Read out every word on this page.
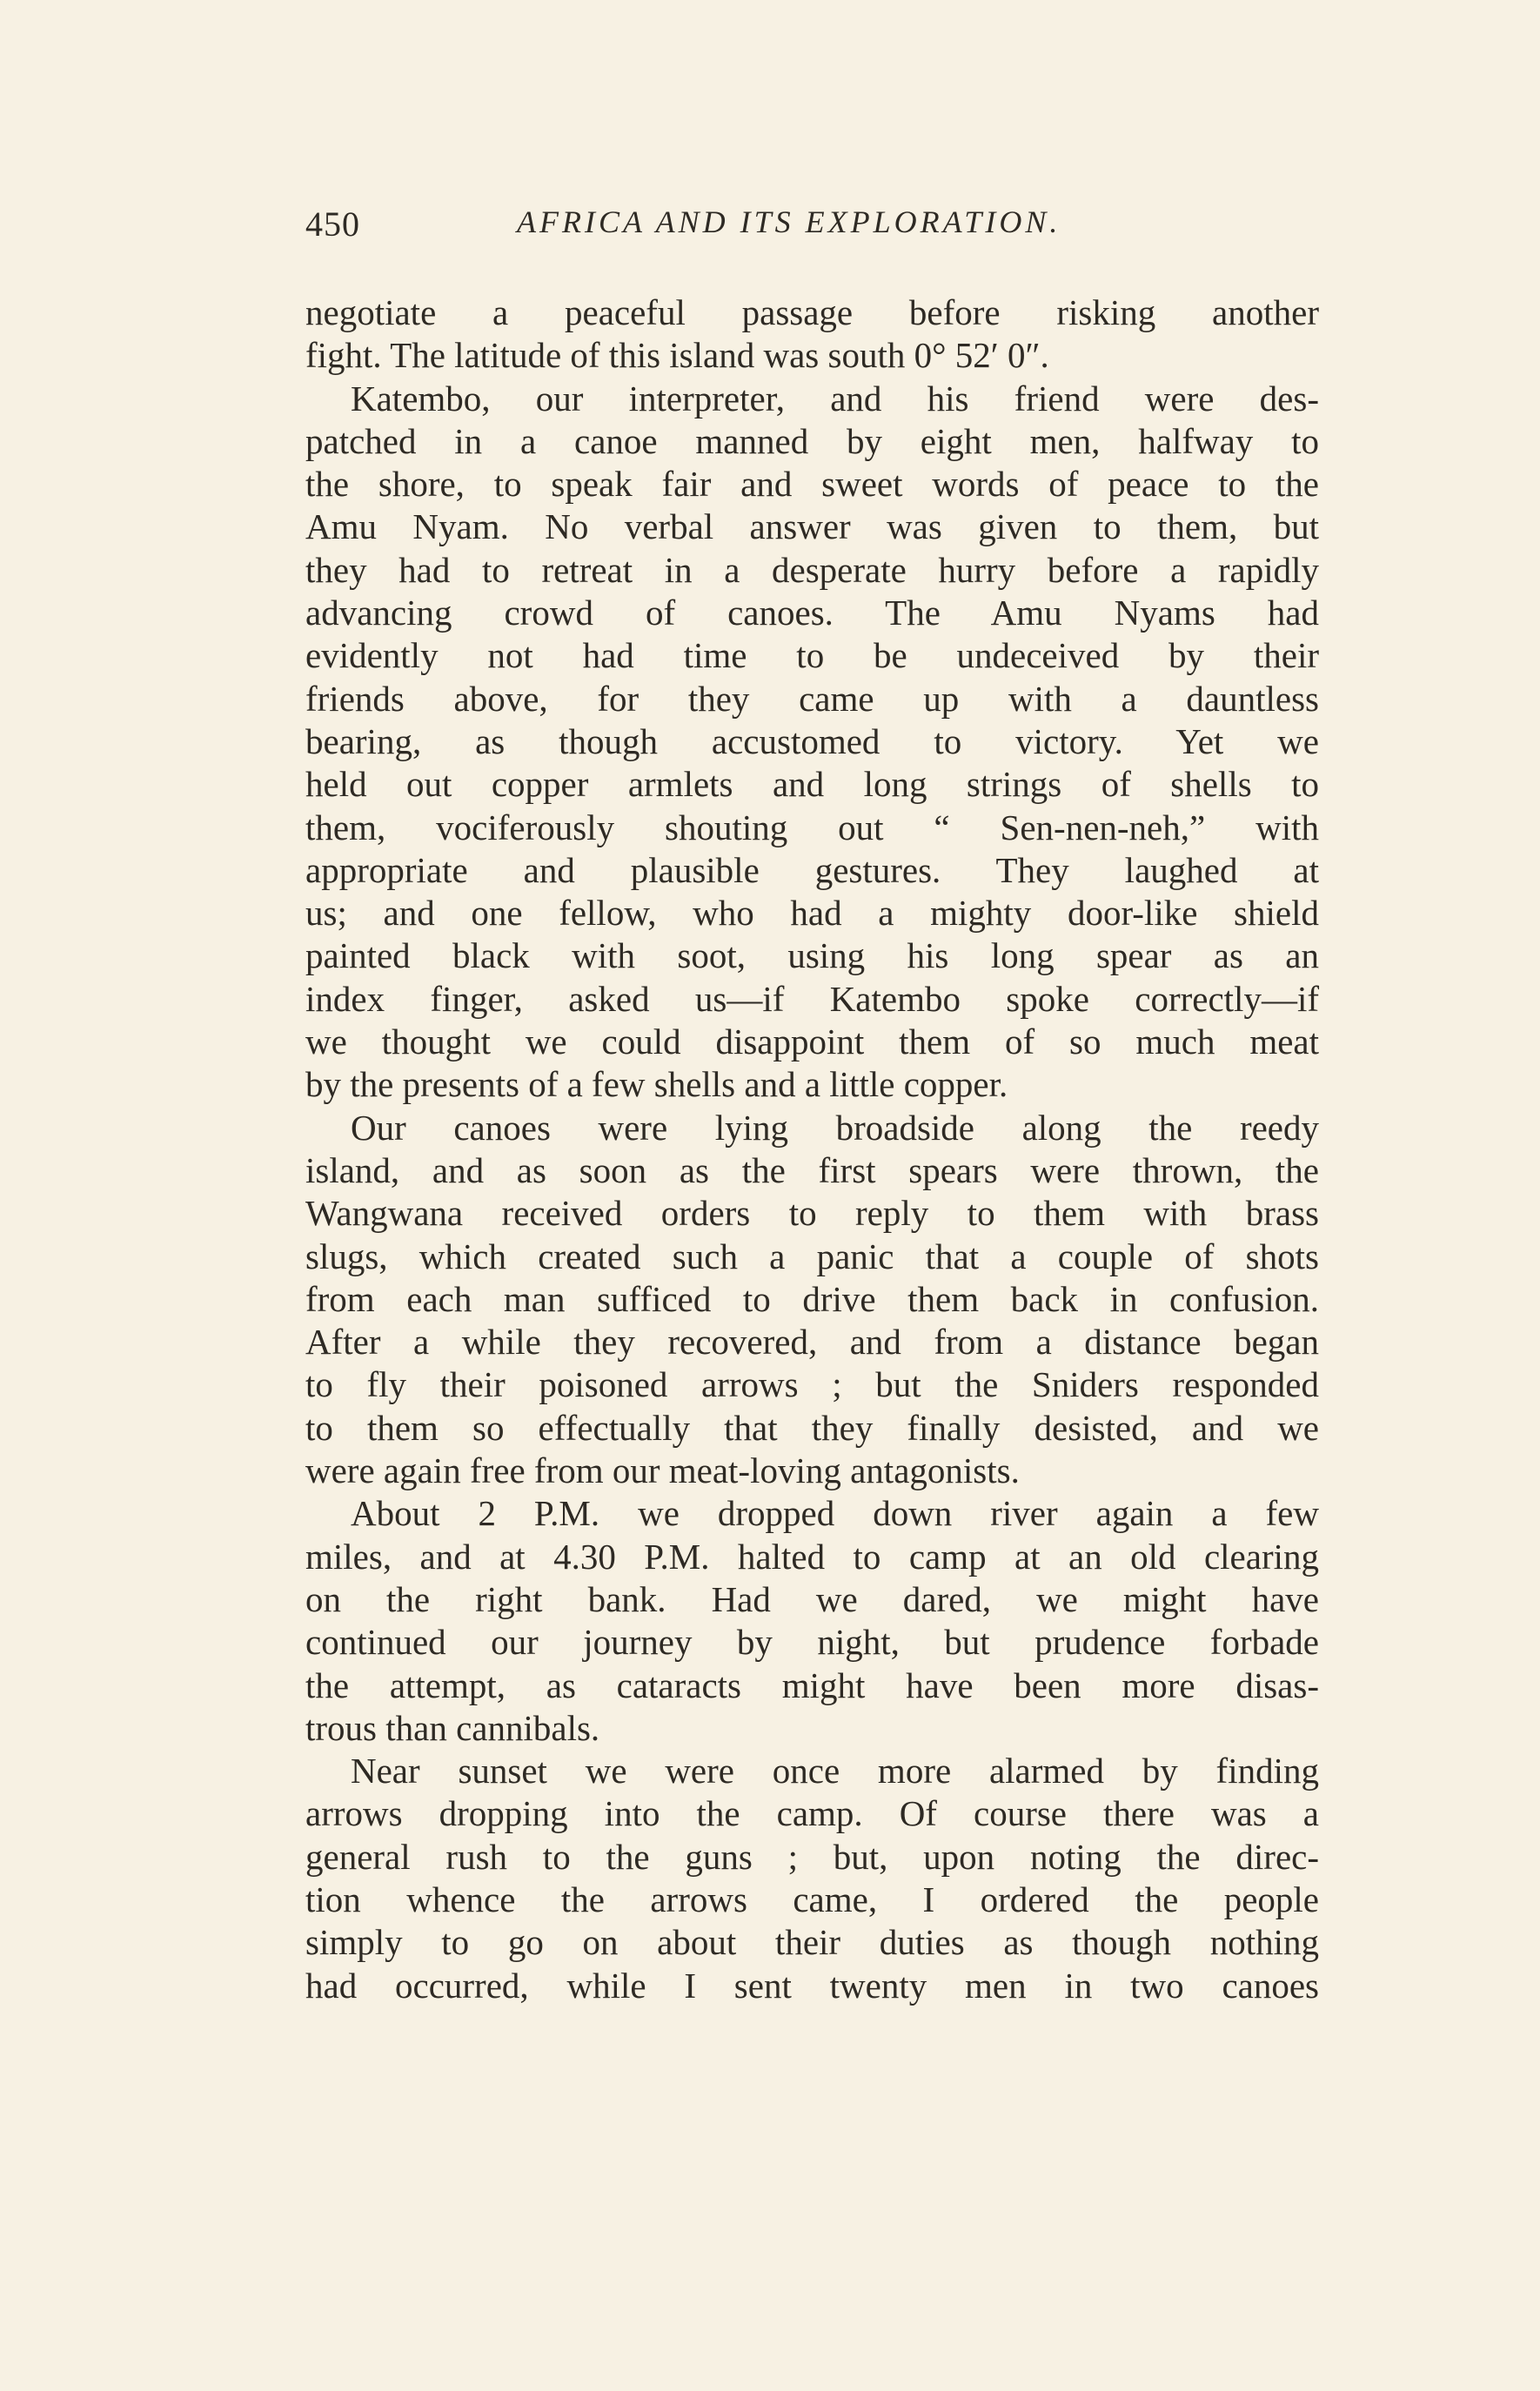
450	AFRICA AND ITS EXPLORATION.
negotiate a peaceful passage before risking another
fight. The latitude of this island was south 0° 52′ 0″.
Katembo, our interpreter, and his friend were des-
patched in a canoe manned by eight men, halfway to
the shore, to speak fair and sweet words of peace to the
Amu Nyam. No verbal answer was given to them, but
they had to retreat in a desperate hurry before a rapidly
advancing crowd of canoes. The Amu Nyams had
evidently not had time to be undeceived by their
friends above, for they came up with a dauntless
bearing, as though accustomed to victory. Yet we
held out copper armlets and long strings of shells to
them, vociferously shouting out “ Sen-nen-neh,” with
appropriate and plausible gestures. They laughed at
us; and one fellow, who had a mighty door-like shield
painted black with soot, using his long spear as an
index finger, asked us—if Katembo spoke correctly—if
we thought we could disappoint them of so much meat
by the presents of a few shells and a little copper.
Our canoes were lying broadside along the reedy
island, and as soon as the first spears were thrown, the
Wangwana received orders to reply to them with brass
slugs, which created such a panic that a couple of shots
from each man sufficed to drive them back in confusion.
After a while they recovered, and from a distance began
to fly their poisoned arrows ; but the Sniders responded
to them so effectually that they finally desisted, and we
were again free from our meat-loving antagonists.
About 2 P.M. we dropped down river again a few
miles, and at 4.30 P.M. halted to camp at an old clearing
on the right bank. Had we dared, we might have
continued our journey by night, but prudence forbade
the attempt, as cataracts might have been more disas-
trous than cannibals.
Near sunset we were once more alarmed by finding
arrows dropping into the camp. Of course there was a
general rush to the guns ; but, upon noting the direc-
tion whence the arrows came, I ordered the people
simply to go on about their duties as though nothing
had occurred, while I sent twenty men in two canoes
